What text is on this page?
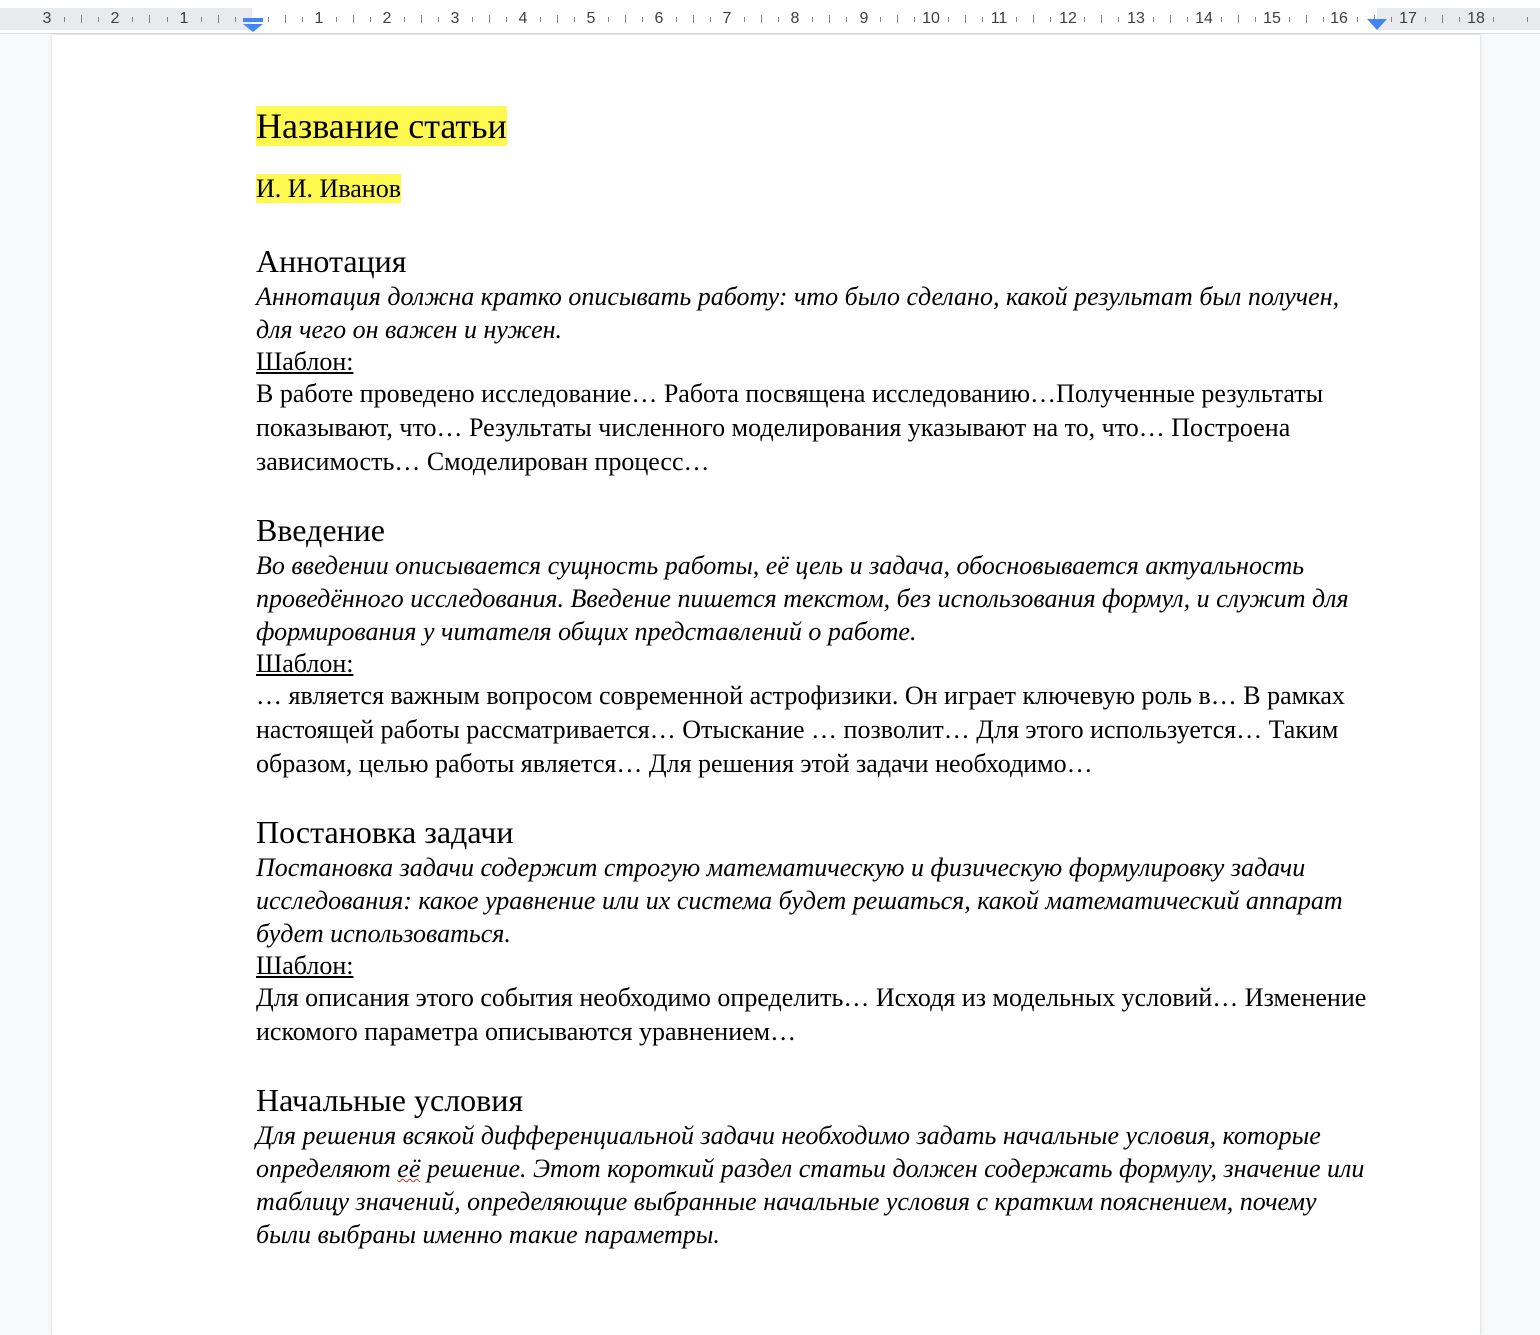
3	2	1	1	2	3	4	5	6	7	8	9	10	11	12	13	14	15	16	17	18
Название статьи
И. И. Иванов
Аннотация
Аннотация должна кратко описывать работу: что было сделано, какой результат был получен, для чего он важен и нужен.
Шаблон:
В работе проведено исследование… Работа посвящена исследованию…Полученные результаты показывают, что… Результаты численного моделирования указывают на то, что… Построена зависимость… Смоделирован процесс…
Введение
Во введении описывается сущность работы, её цель и задача, обосновывается актуальность проведённого исследования. Введение пишется текстом, без использования формул, и служит для формирования у читателя общих представлений о работе.
Шаблон:
… является важным вопросом современной астрофизики. Он играет ключевую роль в… В рамках настоящей работы рассматривается… Отыскание … позволит… Для этого используется… Таким образом, целью работы является… Для решения этой задачи необходимо…
Постановка задачи
Постановка задачи содержит строгую математическую и физическую формулировку задачи исследования: какое уравнение или их система будет решаться, какой математический аппарат будет использоваться.
Шаблон:
Для описания этого события необходимо определить… Исходя из модельных условий… Изменение искомого параметра описываются уравнением…
Начальные условия
Для решения всякой дифференциальной задачи необходимо задать начальные условия, которые определяют её решение. Этот короткий раздел статьи должен содержать формулу, значение или таблицу значений, определяющие выбранные начальные условия с кратким пояснением, почему были выбраны именно такие параметры.
